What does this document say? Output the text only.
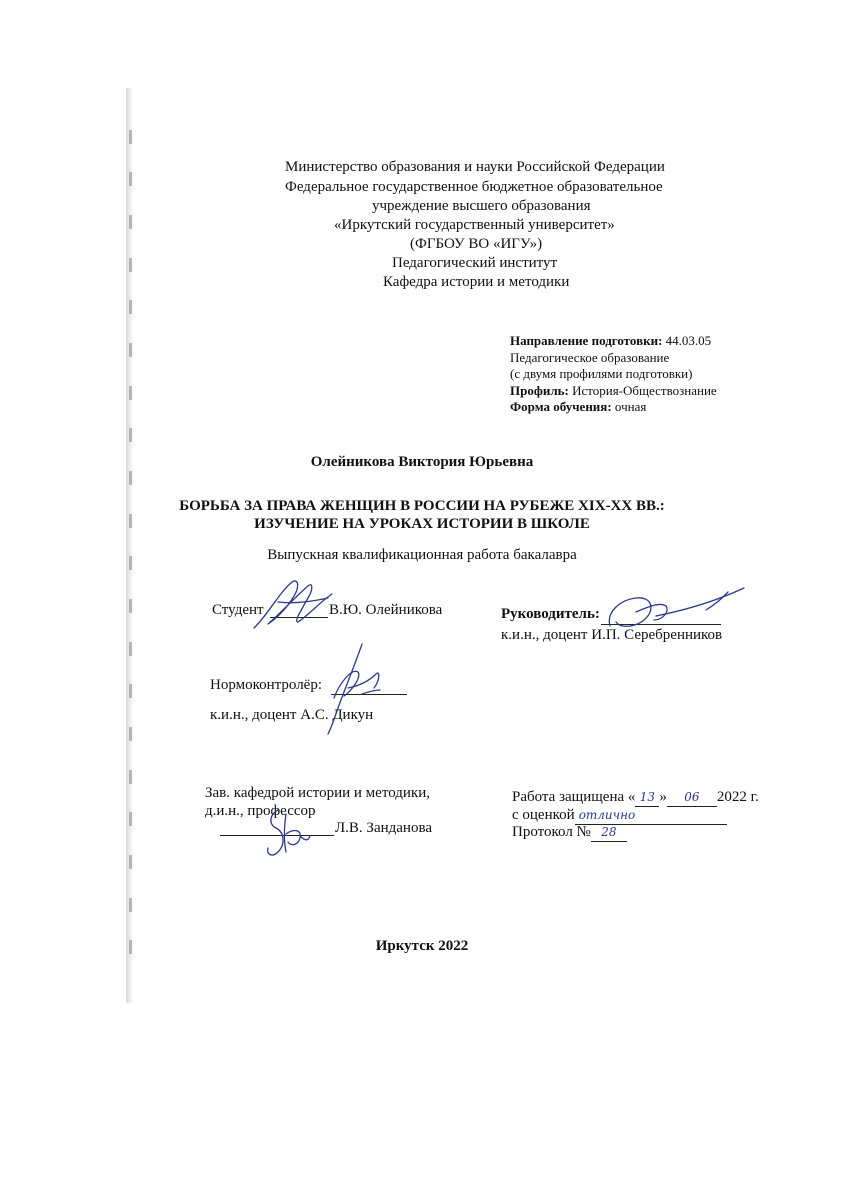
Министерство образования и науки Российской Федерации
Федеральное государственное бюджетное образовательное
учреждение высшего образования
«Иркутский государственный университет»
(ФГБОУ ВО «ИГУ»)
Педагогический институт
Кафедра истории и методики
Направление подготовки: 44.03.05
Педагогическое образование
(с двумя профилями подготовки)
Профиль: История-Обществознание
Форма обучения: очная
Олейникова Виктория Юрьевна
БОРЬБА ЗА ПРАВА ЖЕНЩИН В РОССИИ НА РУБЕЖЕ XIX-XX ВВ.:
ИЗУЧЕНИЕ НА УРОКАХ ИСТОРИИ В ШКОЛЕ
Выпускная квалификационная работа бакалавра
Студент	В.Ю. Олейникова	Руководитель:
к.и.н., доцент И.П. Серебренников
Нормоконтролёр:
к.и.н., доцент А.С. Дикун
Зав. кафедрой истории и методики,
д.и.н., профессор
Л.В. Занданова
Работа защищена « 13 » 06 2022 г.
с оценкой отлично
Протокол № 28
Иркутск 2022
